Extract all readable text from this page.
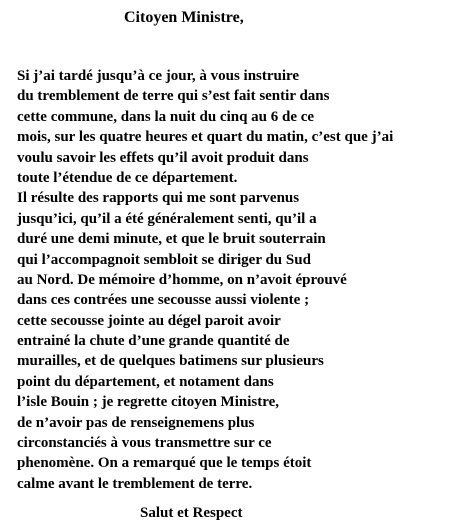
Citoyen Ministre,
Si j’ai tardé jusqu’à ce jour, à vous instruire
du tremblement de terre qui s’est fait sentir dans
cette commune, dans la nuit du cinq au 6 de ce
mois, sur les quatre heures et quart du matin, c’est que j’ai
voulu savoir les effets qu’il avoit produit dans
toute l’étendue de ce département.
Il résulte des rapports qui me sont parvenus
jusqu’ici, qu’il a été généralement senti, qu’il a
duré une demi minute, et que le bruit souterrain
qui l’accompagnoit sembloit se diriger du Sud
au Nord. De mémoire d’homme, on n’avoit éprouvé
dans ces contrées une secousse aussi violente ;
cette secousse jointe au dégel paroit avoir
entrainé la chute d’une grande quantité de
murailles, et de quelques batimens sur plusieurs
point du département, et notament dans
l’isle Bouin ; je regrette citoyen Ministre,
de n’avoir pas de renseignemens plus
circonstanciés à vous transmettre sur ce
phenomène. On a remarqué que le temps étoit
calme avant le tremblement de terre.
Salut et Respect
